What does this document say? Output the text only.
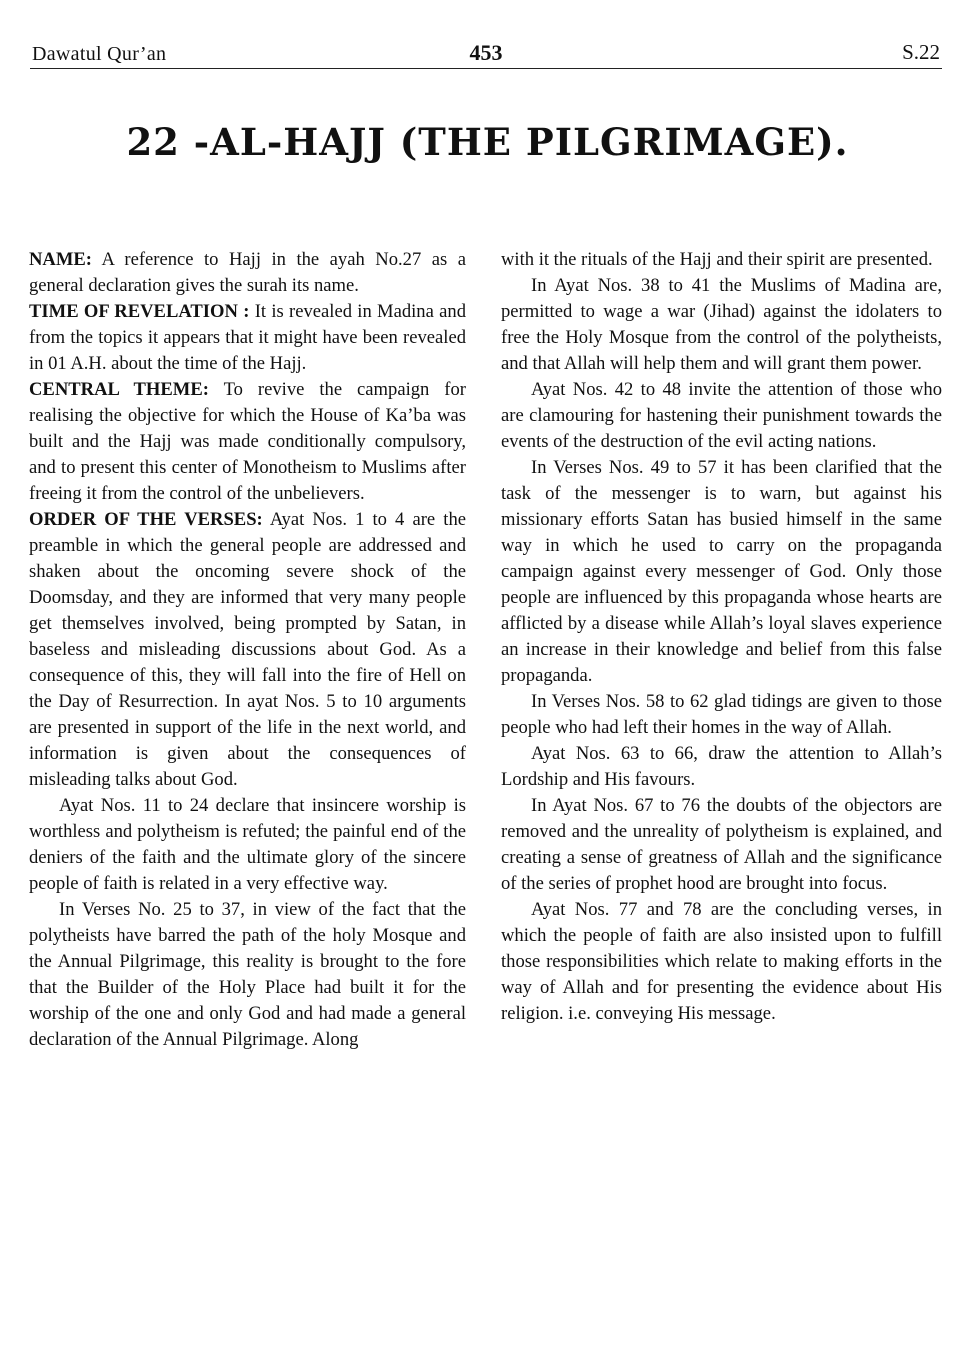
Dawatul Qur’an	453	S.22
22 -AL-HAJJ (THE PILGRIMAGE).

NAME: A reference to Hajj in the ayah No.27 as a general declaration gives the surah its name.

TIME OF REVELATION : It is revealed in Madina and from the topics it appears that it might have been revealed in 01 A.H. about the time of the Hajj.

CENTRAL THEME: To revive the campaign for realising the objective for which the House of Ka’ba was built and the Hajj was made conditionally compulsory, and to present this center of Monotheism to Muslims after freeing it from the control of the unbelievers.

ORDER OF THE VERSES: Ayat Nos. 1 to 4 are the preamble in which the general people are addressed and shaken about the oncoming severe shock of the Doomsday, and they are informed that very many people get themselves involved, being prompted by Satan, in baseless and misleading discussions about God. As a consequence of this, they will fall into the fire of Hell on the Day of Resurrection. In ayat Nos. 5 to 10 arguments are presented in support of the life in the next world, and information is given about the consequences of misleading talks about God.

Ayat Nos. 11 to 24 declare that insincere worship is worthless and polytheism is refuted; the painful end of the deniers of the faith and the ultimate glory of the sincere people of faith is related in a very effective way.

In Verses No. 25 to 37, in view of the fact that the polytheists have barred the path of the holy Mosque and the Annual Pilgrimage, this reality is brought to the fore that the Builder of the Holy Place had built it for the worship of the one and only God and had made a general declaration of the Annual Pilgrimage. Along

with it the rituals of the Hajj and their spirit are presented.

In Ayat Nos. 38 to 41 the Muslims of Madina are, permitted to wage a war (Jihad) against the idolaters to free the Holy Mosque from the control of the polytheists, and that Allah will help them and will grant them power.

Ayat Nos. 42 to 48 invite the attention of those who are clamouring for hastening their punishment towards the events of the destruction of the evil acting nations.

In Verses Nos. 49 to 57 it has been clarified that the task of the messenger is to warn, but against his missionary efforts Satan has busied himself in the same way in which he used to carry on the propaganda campaign against every messenger of God. Only those people are influenced by this propaganda whose hearts are afflicted by a disease while Allah’s loyal slaves experience an increase in their knowledge and belief from this false propaganda.

In Verses Nos. 58 to 62 glad tidings are given to those people who had left their homes in the way of Allah.

Ayat Nos. 63 to 66, draw the attention to Allah’s Lordship and His favours.

In Ayat Nos. 67 to 76 the doubts of the objectors are removed and the unreality of polytheism is explained, and creating a sense of greatness of Allah and the significance of the series of prophet hood are brought into focus.

Ayat Nos. 77 and 78 are the concluding verses, in which the people of faith are also insisted upon to fulfill those responsibilities which relate to making efforts in the way of Allah and for presenting the evidence about His religion. i.e. conveying His message.
